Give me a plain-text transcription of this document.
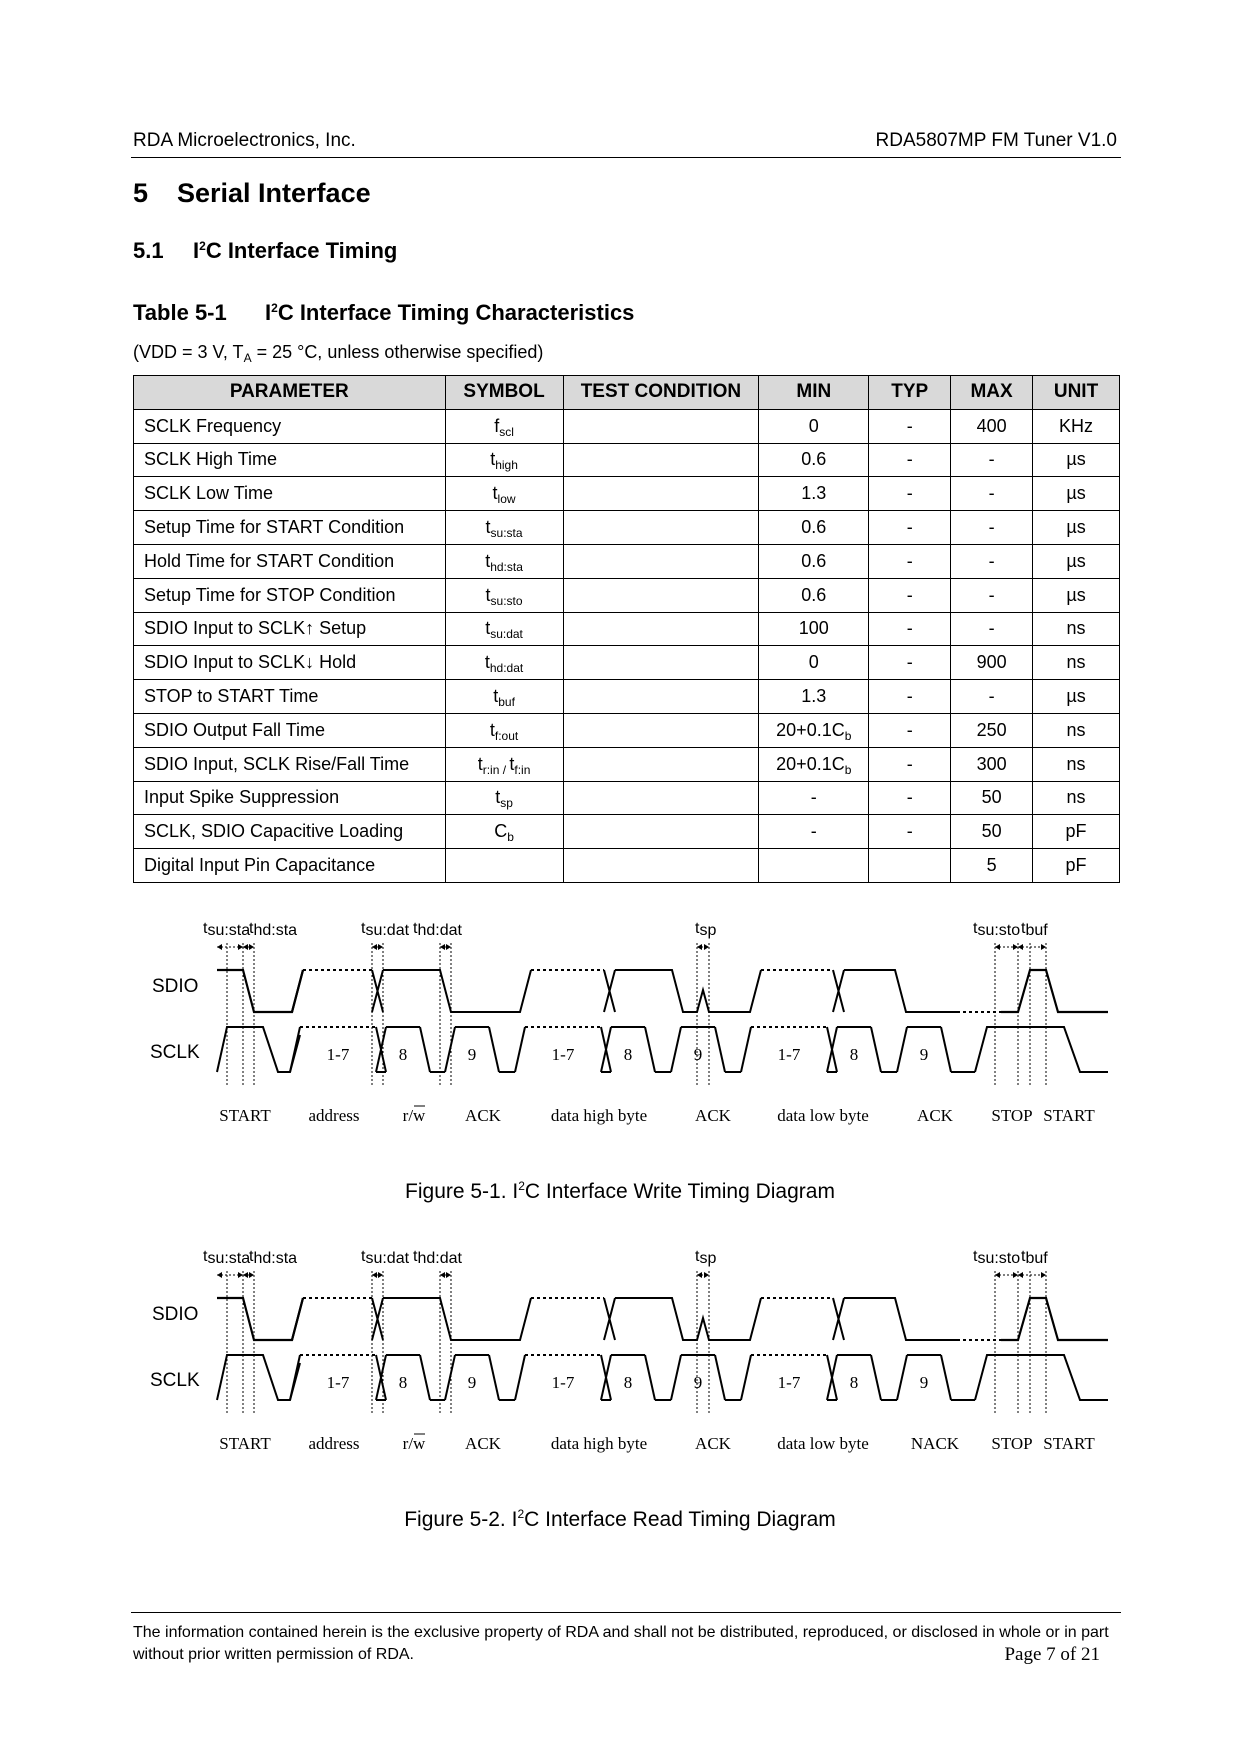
RDA Microelectronics, Inc.	RDA5807MP FM Tuner V1.0
5 Serial Interface
5.1 $I^2C$ Interface Timing
Table 5-1 $I^2C$ Interface Timing Characteristics
(VDD = 3 V, $T_A = 25$ °C, unless otherwise specified)
PARAMETER	SYMBOL	TEST CONDITION	MIN	TYP	MAX	UNIT
SCLK Frequency	$f_{scl}$		0	-	400	KHz
SCLK High Time	$t_{high}$		0.6	-	-	µs
SCLK Low Time	$t_{low}$		1.3	-	-	µs
Setup Time for START Condition	$t_{su:sta}$		0.6	-	-	µs
Hold Time for START Condition	$t_{hd:sta}$		0.6	-	-	µs
Setup Time for STOP Condition	$t_{su:sto}$		0.6	-	-	µs
SDIO Input to SCLK↑ Setup	$t_{su:dat}$		100	-	-	ns
SDIO Input to SCLK↓ Hold	$t_{hd:dat}$		0	-	900	ns
STOP to START Time	$t_{buf}$		1.3	-	-	µs
SDIO Output Fall Time	$t_{f:out}$		$20+0.1C_b$	-	250	ns
SDIO Input, SCLK Rise/Fall Time	$t_{r:in /}$ $t_{f:in}$		$20+0.1C_b$	-	300	ns
Input Spike Suppression	$t_{sp}$		-	-	50	ns
SCLK, SDIO Capacitive Loading	$C_b$		-	-	50	pF
Digital Input Pin Capacitance					5	pF
SDIO
SCLK	1-7	8	9	1-7	8	9	1-7	8	9
tsu:sta
thd:sta	tsu:dat thd:dat	tsp	tsu:sto tbuf
START address	r/w ACK	data high byte	ACK	data low byte	ACK STOP START
Figure 5-1. $I^2C$ Interface Write Timing Diagram
SDIO
SCLK	1-7	8	9	1-7	8	9	1-7	8	9
tsu:sta
thd:sta	tsu:dat thd:dat	tsp	tsu:sto tbuf
START address	r/w ACK	data high byte	ACK	data low byte NACK STOP START
Figure 5-2. $I^2C$ Interface Read Timing Diagram
The information contained herein is the exclusive property of RDA and shall not be distributed, reproduced, or disclosed in whole or in part without prior written permission of RDA.	Page 7 of 21
